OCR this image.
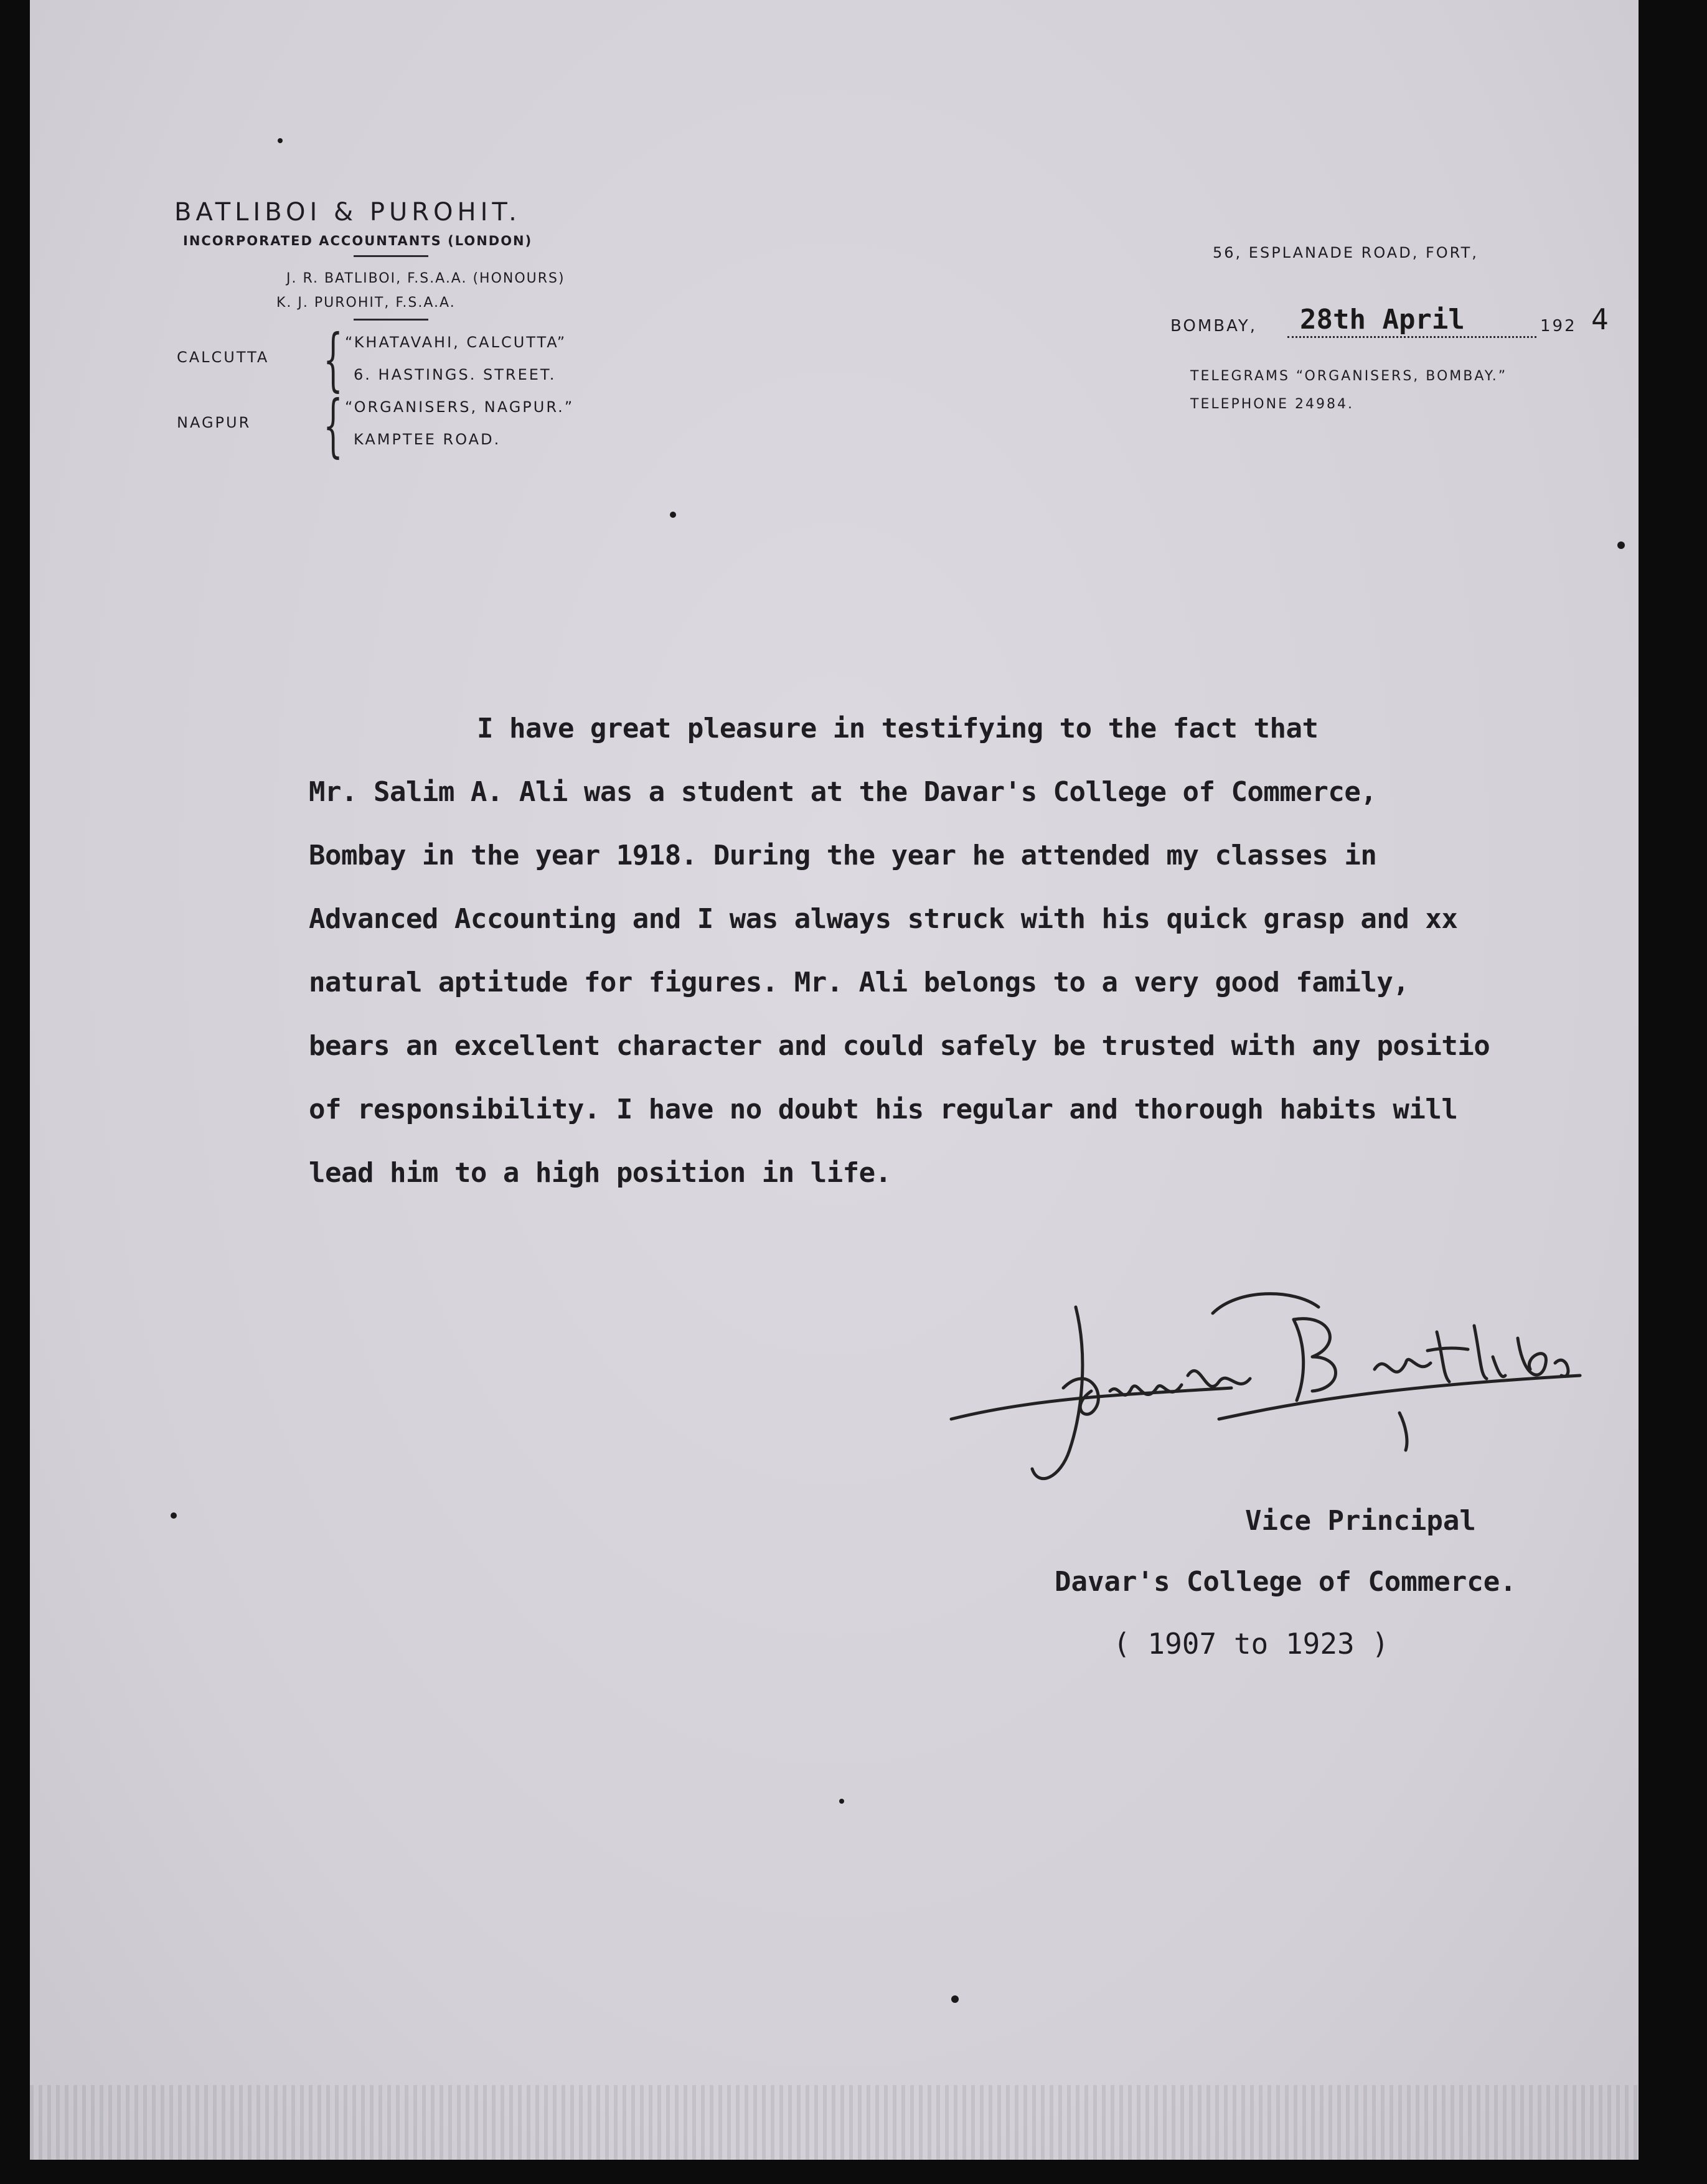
BATLIBOI & PUROHIT.
INCORPORATED ACCOUNTANTS (LONDON)
J. R. BATLIBOI, F.S.A.A. (HONOURS)
K. J. PUROHIT, F.S.A.A.
CALCUTTA { “KHATAVAHI, CALCUTTA”
6. HASTINGS. STREET.
NAGPUR { “ORGANISERS, NAGPUR.”
KAMPTEE ROAD.
56, ESPLANADE ROAD, FORT,
BOMBAY, 28th April	192 4
TELEGRAMS “ORGANISERS, BOMBAY.”
TELEPHONE 24984.
I have great pleasure in testifying to the fact that
Mr. Salim A. Ali was a student at the Davar's College of Commerce,
Bombay in the year 1918. During the year he attended my classes in
Advanced Accounting and I was always struck with his quick grasp and xx
natural aptitude for figures. Mr. Ali belongs to a very good family,
bears an excellent character and could safely be trusted with any positio
of responsibility. I have no doubt his regular and thorough habits will
lead him to a high position in life.
Vice Principal
Davar's College of Commerce.
( 1907 to 1923 )
